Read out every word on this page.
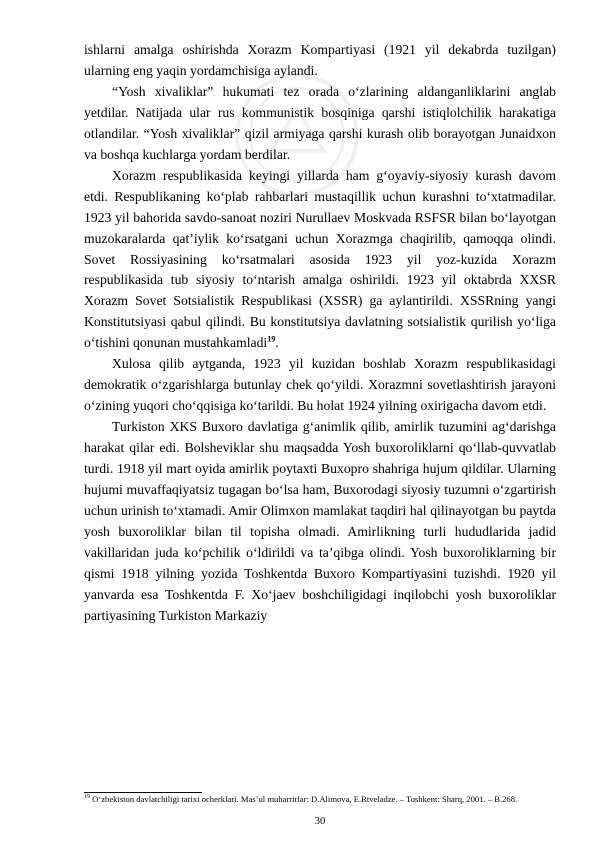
ishlarni amalga oshirishda Xorazm Kompartiyasi (1921 yil dekabrda tuzilgan) ularning eng yaqin yordamchisiga aylandi.

“Yosh xivaliklar” hukumati tez orada o‘zlarining aldanganliklarini anglab yetdilar. Natijada ular rus kommunistik bosqiniga qarshi istiqlolchilik harakatiga otlandilar. “Yosh xivaliklar” qizil armiyaga qarshi kurash olib borayotgan Junaidxon va boshqa kuchlarga yordam berdilar.

Xorazm respublikasida keyingi yillarda ham g‘oyaviy-siyosiy kurash davom etdi. Respublikaning ko‘plab rahbarlari mustaqillik uchun kurashni to‘xtatmadilar. 1923 yil bahorida savdo-sanoat noziri Nurullaev Moskvada RSFSR bilan bo‘layotgan muzokaralarda qat’iylik ko‘rsatgani uchun Xorazmga chaqirilib, qamoqqa olindi. Sovet Rossiyasining ko‘rsatmalari asosida 1923 yil yoz-kuzida Xorazm respublikasida tub siyosiy to‘ntarish amalga oshirildi. 1923 yil oktabrda XXSR Xorazm Sovet Sotsialistik Respublikasi (XSSR) ga aylantirildi. XSSRning yangi Konstitutsiyasi qabul qilindi. Bu konstitutsiya davlatning sotsialistik qurilish yo‘liga o‘tishini qonunan mustahkamladi$^{19}$.

Xulosa qilib aytganda, 1923 yil kuzidan boshlab Xorazm respublikasidagi demokratik o‘zgarishlarga butunlay chek qo‘yildi. Xorazmni sovetlashtirish jarayoni o‘zining yuqori cho‘qqisiga ko‘tarildi. Bu holat 1924 yilning oxirigacha davom etdi.

Turkiston XKS Buxoro davlatiga g‘animlik qilib, amirlik tuzumini ag‘darishga harakat qilar edi. Bolsheviklar shu maqsadda Yosh buxoroliklarni qo‘llab-quvvatlab turdi. 1918 yil mart oyida amirlik poytaxti Buxopro shahriga hujum qildilar. Ularning hujumi muvaffaqiyatsiz tugagan bo‘lsa ham, Buxorodagi siyosiy tuzumni o‘zgartirish uchun urinish to‘xtamadi. Amir Olimxon mamlakat taqdiri hal qilinayotgan bu paytda yosh buxoroliklar bilan til topisha olmadi. Amirlikning turli hududlarida jadid vakillaridan juda ko‘pchilik o‘ldirildi va ta’qibga olindi. Yosh buxoroliklarning bir qismi 1918 yilning yozida Toshkentda Buxoro Kompartiyasini tuzishdi. 1920 yil yanvarda esa Toshkentda F. Xo‘jaev boshchiligidagi inqilobchi yosh buxoroliklar partiyasining Turkiston Markaziy

$^{19}$ O‘zbekiston davlatchiligi tarixi ocherklari. Mas’ul muharrirlar: D.Alimova, E.Rtveladze. – Toshkent: Sharq, 2001. – B.268.
30
